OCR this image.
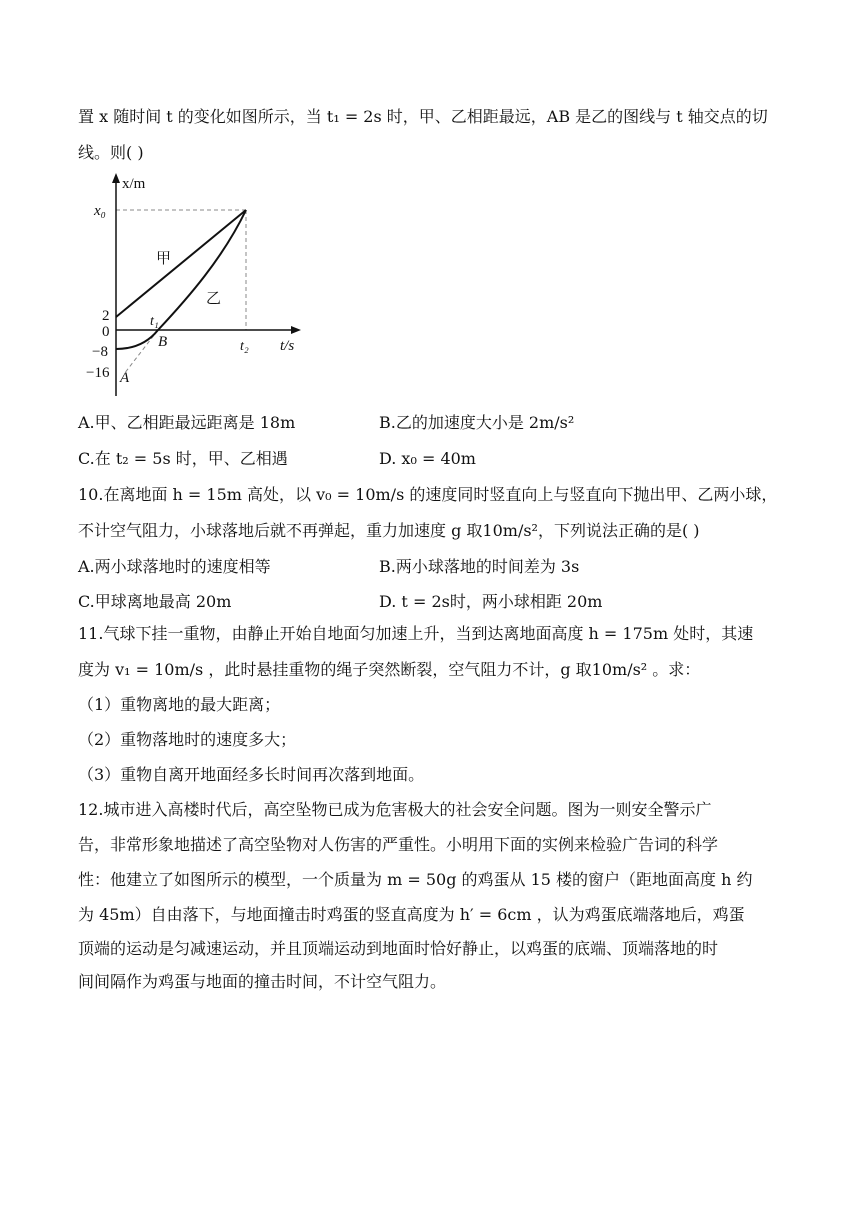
置 x 随时间 t 的变化如图所示，当 t₁ = 2s 时，甲、乙相距最远，AB 是乙的图线与 t 轴交点的切
线。则( )
x/m
x₀
甲
乙
2
0
t₁
B
−8	t₂ t/s
−16 A
A.甲、乙相距最远距离是 18m	B.乙的加速度大小是 2m/s²
C.在 t₂ = 5s 时，甲、乙相遇	D. x₀ = 40m
10.在离地面 h = 15m 高处，以 v₀ = 10m/s 的速度同时竖直向上与竖直向下抛出甲、乙两小球，
不计空气阻力，小球落地后就不再弹起，重力加速度 g 取10m/s²，下列说法正确的是( )
A.两小球落地时的速度相等	B.两小球落地的时间差为 3s
C.甲球离地最高 20m	D. t = 2s时，两小球相距 20m
11.气球下挂一重物，由静止开始自地面匀加速上升，当到达离地面高度 h = 175m 处时，其速
度为 v₁ = 10m/s ，此时悬挂重物的绳子突然断裂，空气阻力不计，g 取10m/s² 。求：
（1）重物离地的最大距离；
（2）重物落地时的速度多大；
（3）重物自离开地面经多长时间再次落到地面。
12.城市进入高楼时代后，高空坠物已成为危害极大的社会安全问题。图为一则安全警示广
告，非常形象地描述了高空坠物对人伤害的严重性。小明用下面的实例来检验广告词的科学
性：他建立了如图所示的模型，一个质量为 m = 50g 的鸡蛋从 15 楼的窗户（距地面高度 h 约
为 45m）自由落下，与地面撞击时鸡蛋的竖直高度为 h′ = 6cm ，认为鸡蛋底端落地后，鸡蛋
顶端的运动是匀减速运动，并且顶端运动到地面时恰好静止，以鸡蛋的底端、顶端落地的时
间间隔作为鸡蛋与地面的撞击时间，不计空气阻力。
